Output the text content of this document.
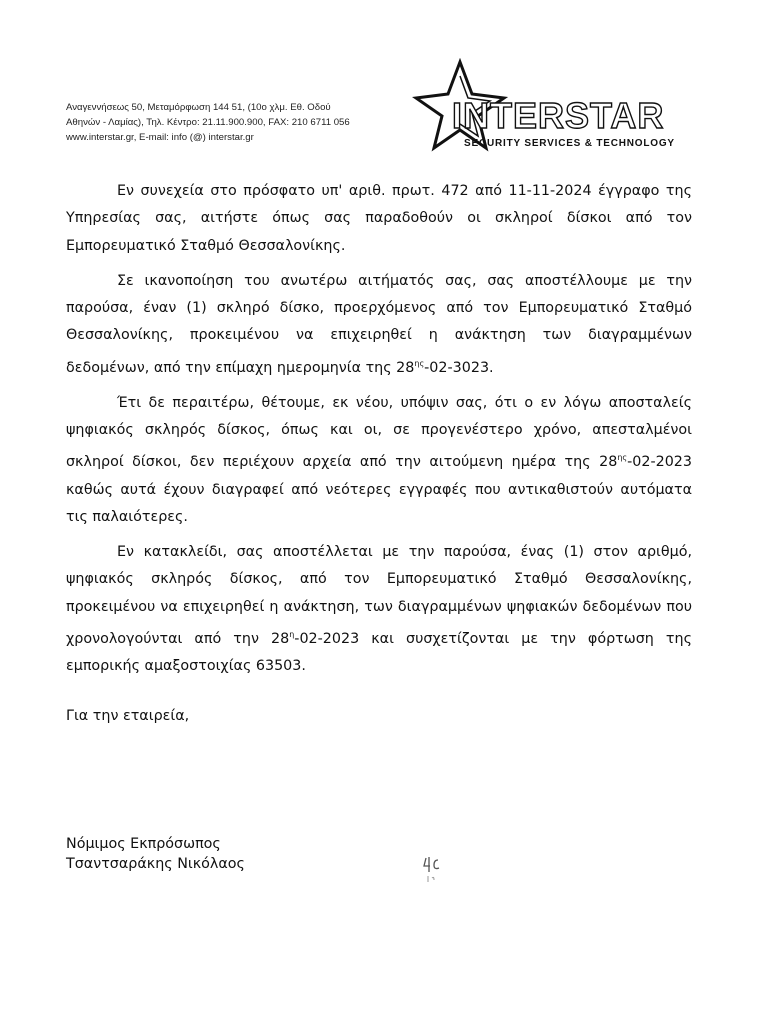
Αναγεννήσεως 50, Μεταμόρφωση 144 51, (10ο χλμ. Εθ. Οδού
Αθηνών - Λαμίας), Τηλ. Κέντρο: 21.11.900.900, FAX: 210 6711 056
www.interstar.gr, E-mail: info (@) interstar.gr
INTERSTAR
SECURITY SERVICES & TECHNOLOGY

Εν συνεχεία στο πρόσφατο υπ' αριθ. πρωτ. 472 από 11-11-2024 έγγραφο της Υπηρεσίας σας, αιτήστε όπως σας παραδοθούν οι σκληροί δίσκοι από τον Εμπορευματικό Σταθμό Θεσσαλονίκης.

Σε ικανοποίηση του ανωτέρω αιτήματός σας, σας αποστέλλουμε με την παρούσα, έναν (1) σκληρό δίσκο, προερχόμενος από τον Εμπορευματικό Σταθμό Θεσσαλονίκης, προκειμένου να επιχειρηθεί η ανάκτηση των διαγραμμένων δεδομένων, από την επίμαχη ημερομηνία της $28^{\eta\varsigma}-02-3023$.

Έτι δε περαιτέρω, θέτουμε, εκ νέου, υπόψιν σας, ότι ο εν λόγω αποσταλείς ψηφιακός σκληρός δίσκος, όπως και οι, σε προγενέστερο χρόνο, απεσταλμένοι σκληροί δίσκοι, δεν περιέχουν αρχεία από την αιτούμενη ημέρα της $28^{\eta\varsigma}-02-2023$ καθώς αυτά έχουν διαγραφεί από νεότερες εγγραφές που αντικαθιστούν αυτόματα τις παλαιότερες.

Εν κατακλείδι, σας αποστέλλεται με την παρούσα, ένας (1) στον αριθμό, ψηφιακός σκληρός δίσκος, από τον Εμπορευματικό Σταθμό Θεσσαλονίκης, προκειμένου να επιχειρηθεί η ανάκτηση, των διαγραμμένων ψηφιακών δεδομένων που χρονολογούνται από την $28^\eta-02-2023$ και συσχετίζονται με την φόρτωση της εμπορικής αμαξοστοιχίας 63503.

Για την εταιρεία,
Νόμιμος Εκπρόσωπος
Τσαντσαράκης Νικόλαος
